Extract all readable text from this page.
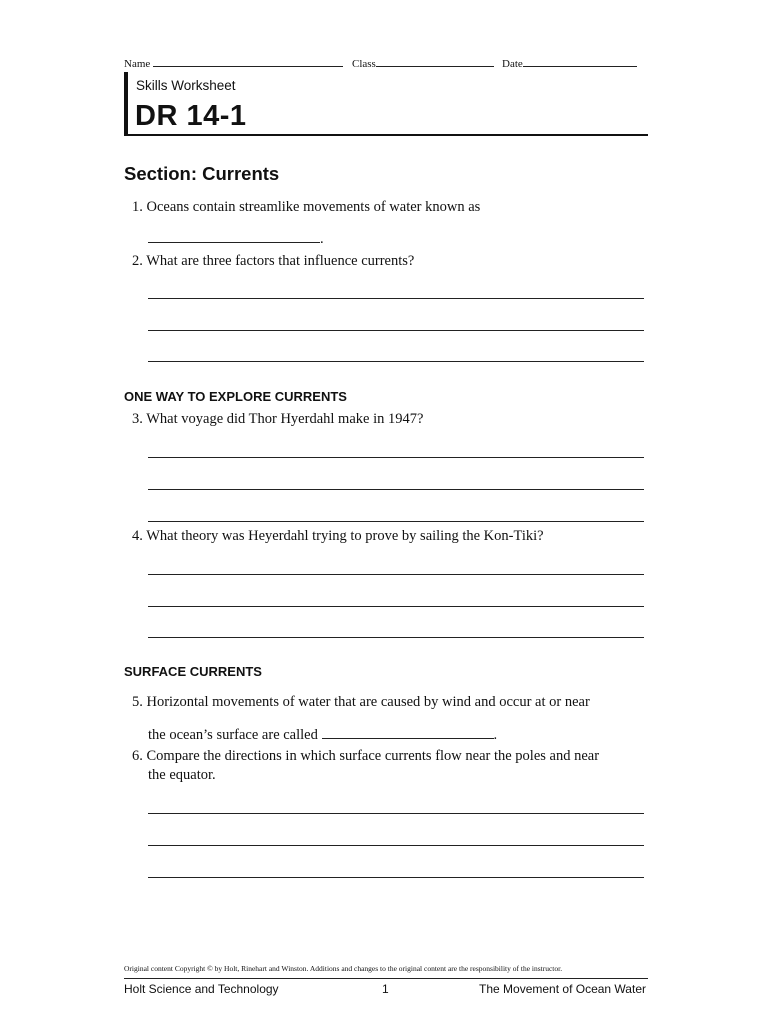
Name	Class	Date
Skills Worksheet
DR 14-1
Section: Currents
1. Oceans contain streamlike movements of water known as
.
2. What are three factors that influence currents?
ONE WAY TO EXPLORE CURRENTS
3. What voyage did Thor Hyerdahl make in 1947?
4. What theory was Heyerdahl trying to prove by sailing the Kon-Tiki?
SURFACE CURRENTS
5. Horizontal movements of water that are caused by wind and occur at or near
the ocean’s surface are called	.
6. Compare the directions in which surface currents flow near the poles and near
the equator.
Original content Copyright © by Holt, Rinehart and Winston. Additions and changes to the original content are the responsibility of the instructor.
Holt Science and Technology	1	The Movement of Ocean Water
